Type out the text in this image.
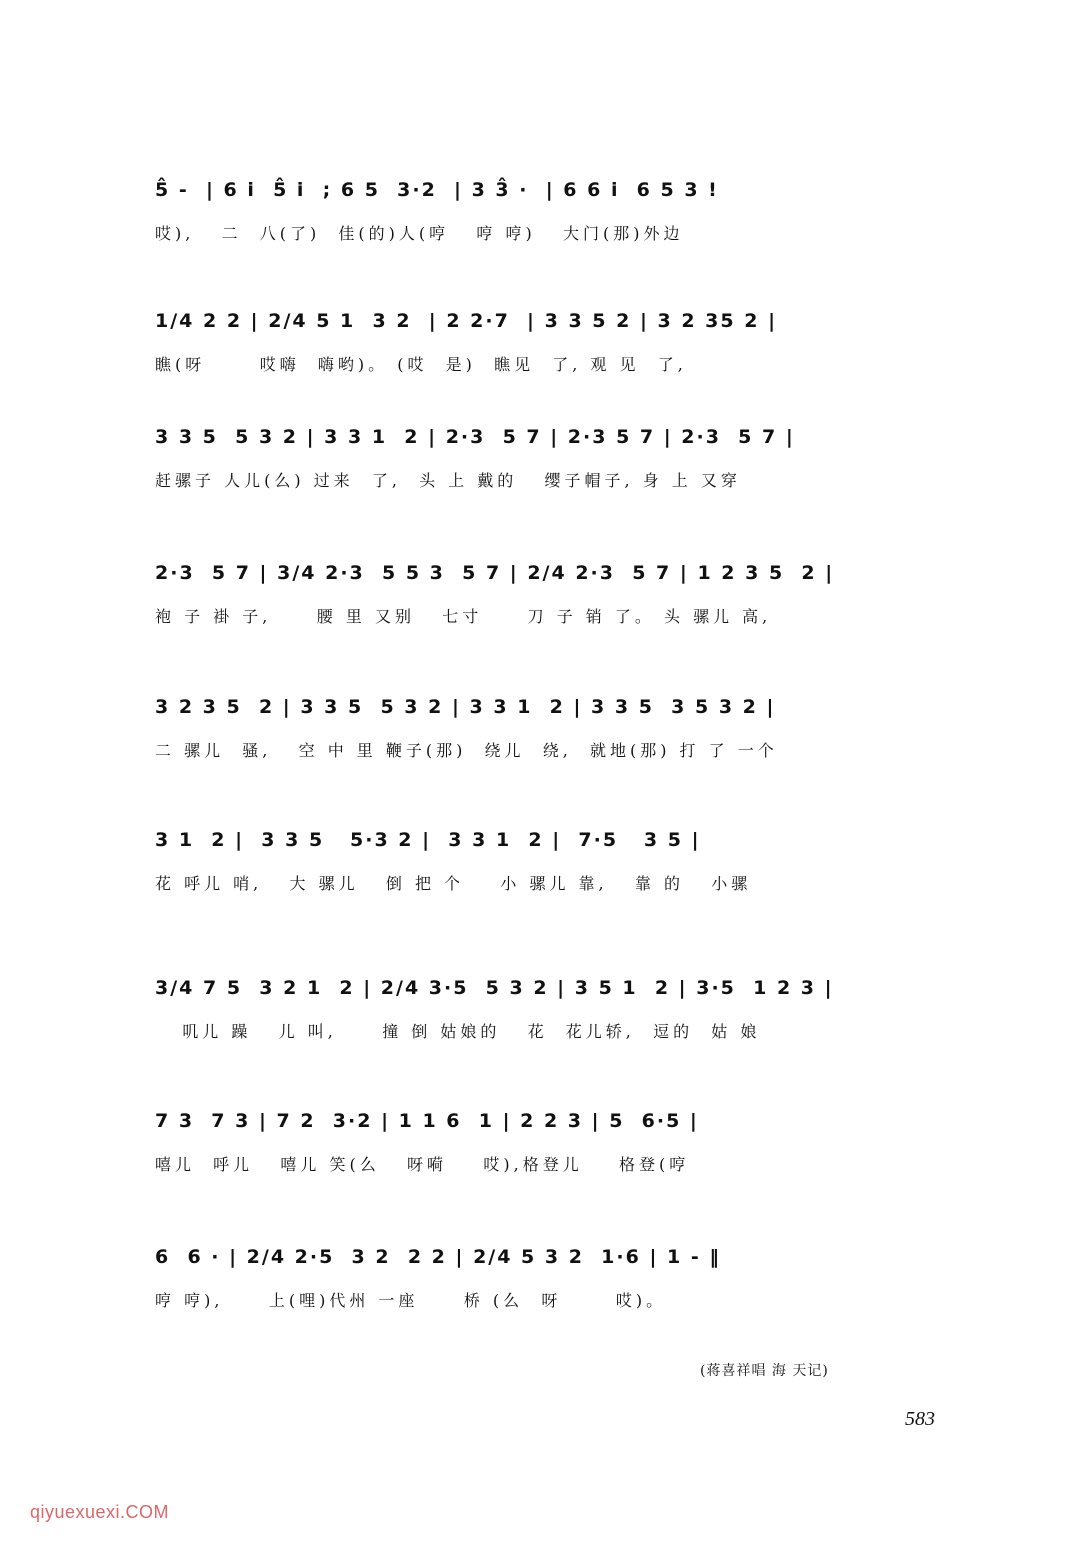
5̂ -  | 6 i  5̂ i  ; 6 5  3·2  | 3 3̂ ·  | 6 6 i  6 5 3 !
哎),   二  八(了)  佳(的)人(哼   哼 哼)   大门(那)外边
1/4 2 2 | 2/4 5 1  3 2  | 2 2·7  | 3 3 5 2 | 3 2 35 2 |
瞧(呀      哎嗨  嗨哟)。 (哎  是)  瞧见  了, 观 见  了,
3 3 5  5 3 2 | 3 3 1  2 | 2·3  5 7 | 2·3 5 7 | 2·3  5 7 |
赶骡子 人儿(么) 过来  了,  头 上 戴的   缨子帽子, 身 上 又穿
2·3  5 7 | 3/4 2·3  5 5 3  5 7 | 2/4 2·3  5 7 | 1 2 3 5  2 |
袍 子 褂 子,     腰 里 又别   七寸     刀 子 销 了。 头 骡儿 高,
3 2 3 5  2 | 3 3 5  5 3 2 | 3 3 1  2 | 3 3 5  3 5 3 2 |
二 骡儿  骚,   空 中 里 鞭子(那)  绕儿  绕,  就地(那) 打 了 一个
3 1  2 |  3 3 5   5·3 2 |  3 3 1  2 |  7·5   3 5 |
花 呼儿 哨,   大 骡儿   倒 把 个    小 骡儿 靠,   靠 的   小骡
3/4 7 5  3 2 1  2 | 2/4 3·5  5 3 2 | 3 5 1  2 | 3·5  1 2 3 |
叽儿 躁   儿 叫,     撞 倒 姑娘的   花  花儿轿,  逗的  姑 娘
7 3  7 3 | 7 2  3·2 | 1 1 6  1 | 2 2 3 | 5  6·5 |
嘻儿  呼儿   嘻儿 笑(么   呀嗬    哎),格登儿    格登(哼
6  6 · | 2/4 2·5  3 2  2 2 | 2/4 5 3 2  1·6 | 1 - ‖
哼 哼),     上(哩)代州 一座     桥 (么  呀      哎)。
(蒋喜祥唱 海 天记)
583
qiyuexuexi.COM
